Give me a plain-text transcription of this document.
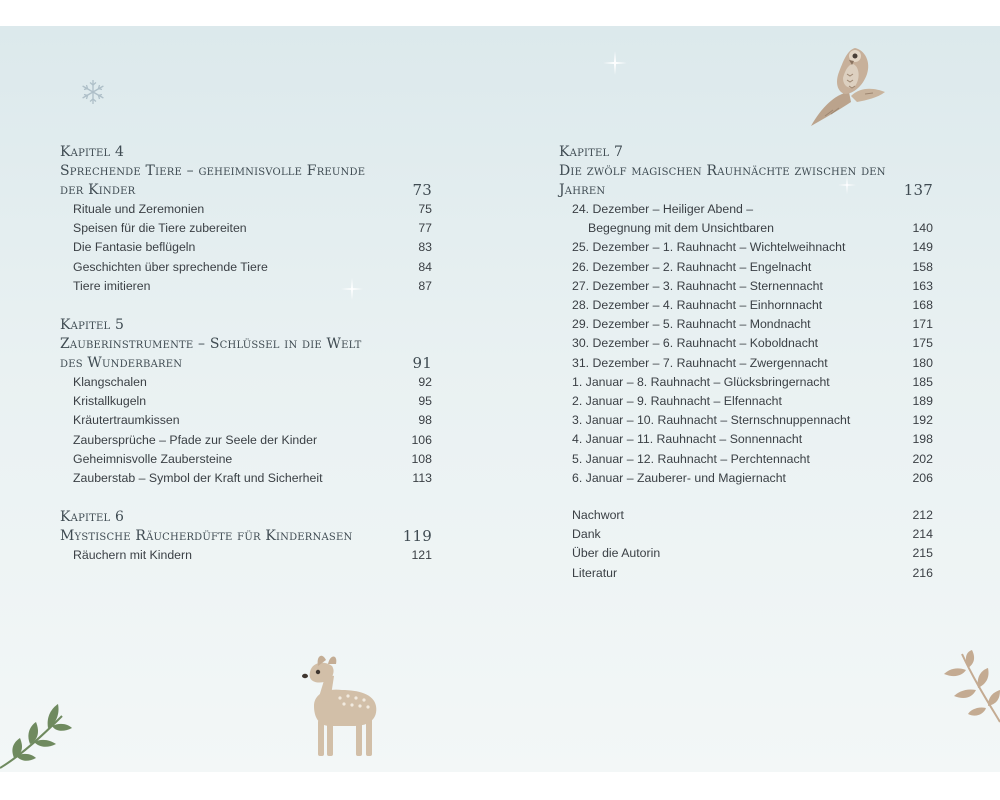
Kapitel 4

Sprechende Tiere – geheimnisvolle Freunde
der Kinder	73
Rituale und Zeremonien	75
Speisen für die Tiere zubereiten	77
Die Fantasie beflügeln	83
Geschichten über sprechende Tiere	84
Tiere imitieren	87

Kapitel 5

Zauberinstrumente – Schlüssel in die Welt
des Wunderbaren	91
Klangschalen	92
Kristallkugeln	95
Kräutertraumkissen	98
Zaubersprüche – Pfade zur Seele der Kinder	106
Geheimnisvolle Zaubersteine	108
Zauberstab – Symbol der Kraft und Sicherheit	113

Kapitel 6

Mystische Räucherdüfte für Kindernasen	119
Räuchern mit Kindern	121

Kapitel 7

Die zwölf magischen Rauhnächte zwischen den Jahren	137
24. Dezember – Heiliger Abend –
Begegnung mit dem Unsichtbaren	140
25. Dezember – 1. Rauhnacht – Wichtelweihnacht	149
26. Dezember – 2. Rauhnacht – Engelnacht	158
27. Dezember – 3. Rauhnacht – Sternennacht	163
28. Dezember – 4. Rauhnacht – Einhornnacht	168
29. Dezember – 5. Rauhnacht – Mondnacht	171
30. Dezember – 6. Rauhnacht – Koboldnacht	175
31. Dezember – 7. Rauhnacht – Zwergennacht	180
1. Januar – 8. Rauhnacht – Glücksbringernacht	185
2. Januar – 9. Rauhnacht – Elfennacht	189
3. Januar – 10. Rauhnacht – Sternschnuppennacht	192
4. Januar – 11. Rauhnacht – Sonnennacht	198
5. Januar – 12. Rauhnacht – Perchtennacht	202
6. Januar – Zauberer- und Magiernacht	206
Nachwort	212
Dank	214
Über die Autorin	215
Literatur	216
